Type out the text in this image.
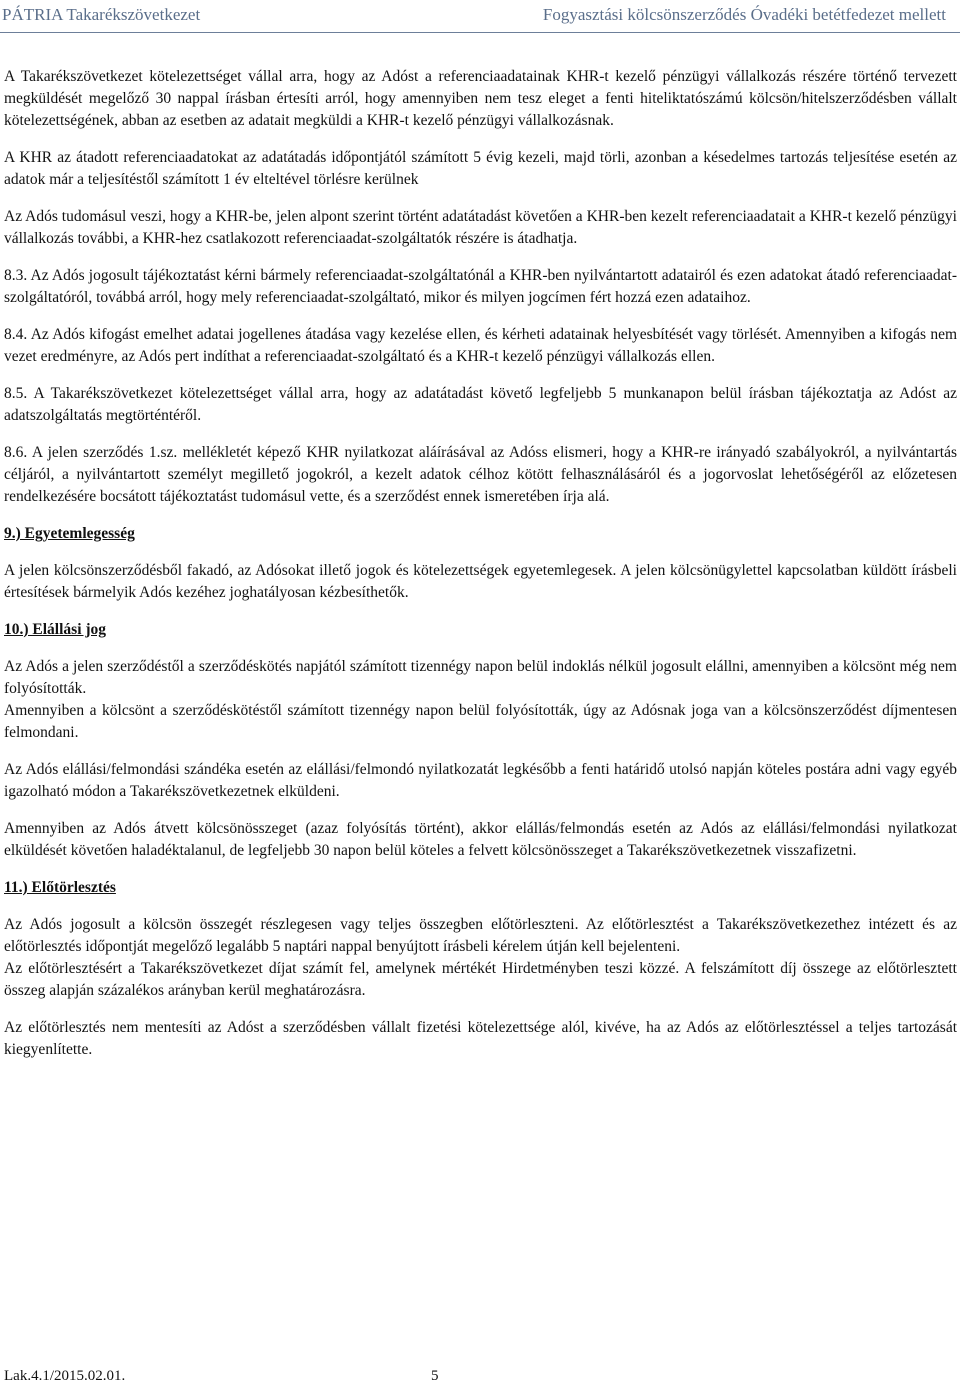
PÁTRIA Takarékszövetkezet	Fogyasztási kölcsönszerződés Óvadéki betétfedezet mellett

A Takarékszövetkezet kötelezettséget vállal arra, hogy az Adóst a referenciaadatainak KHR-t kezelő pénzügyi vállalkozás részére történő tervezett megküldését megelőző 30 nappal írásban értesíti arról, hogy amennyiben nem tesz eleget a fenti hiteliktatószámú kölcsön/hitelszerződésben vállalt kötelezettségének, abban az esetben az adatait megküldi a KHR-t kezelő pénzügyi vállalkozásnak.

A KHR az átadott referenciaadatokat az adatátadás időpontjától számított 5 évig kezeli, majd törli, azonban a késedelmes tartozás teljesítése esetén az adatok már a teljesítéstől számított 1 év elteltével törlésre kerülnek

Az Adós tudomásul veszi, hogy a KHR-be, jelen alpont szerint történt adatátadást követően a KHR-ben kezelt referenciaadatait a KHR-t kezelő pénzügyi vállalkozás további, a KHR-hez csatlakozott referenciaadat-szolgáltatók részére is átadhatja.

8.3. Az Adós jogosult tájékoztatást kérni bármely referenciaadat-szolgáltatónál a KHR-ben nyilvántartott adatairól és ezen adatokat átadó referenciaadat-szolgáltatóról, továbbá arról, hogy mely referenciaadat-szolgáltató, mikor és milyen jogcímen fért hozzá ezen adataihoz.

8.4. Az Adós kifogást emelhet adatai jogellenes átadása vagy kezelése ellen, és kérheti adatainak helyesbítését vagy törlését. Amennyiben a kifogás nem vezet eredményre, az Adós pert indíthat a referenciaadat-szolgáltató és a KHR-t kezelő pénzügyi vállalkozás ellen.

8.5. A Takarékszövetkezet kötelezettséget vállal arra, hogy az adatátadást követő legfeljebb 5 munkanapon belül írásban tájékoztatja az Adóst az adatszolgáltatás megtörténtéről.

8.6. A jelen szerződés 1.sz. mellékletét képező KHR nyilatkozat aláírásával az Adóss elismeri, hogy a KHR-re irányadó szabályokról, a nyilvántartás céljáról, a nyilvántartott személyt megillető jogokról, a kezelt adatok célhoz kötött felhasználásáról és a jogorvoslat lehetőségéről az előzetesen rendelkezésére bocsátott tájékoztatást tudomásul vette, és a szerződést ennek ismeretében írja alá.

9.) Egyetemlegesség

A jelen kölcsönszerződésből fakadó, az Adósokat illető jogok és kötelezettségek egyetemlegesek. A jelen kölcsönügylettel kapcsolatban küldött írásbeli értesítések bármelyik Adós kezéhez joghatályosan kézbesíthetők.

10.) Elállási jog

Az Adós a jelen szerződéstől a szerződéskötés napjától számított tizennégy napon belül indoklás nélkül jogosult elállni, amennyiben a kölcsönt még nem folyósították.

Amennyiben a kölcsönt a szerződéskötéstől számított tizennégy napon belül folyósították, úgy az Adósnak joga van a kölcsönszerződést díjmentesen felmondani.

Az Adós elállási/felmondási szándéka esetén az elállási/felmondó nyilatkozatát legkésőbb a fenti határidő utolsó napján köteles postára adni vagy egyéb igazolható módon a Takarékszövetkezetnek elküldeni.

Amennyiben az Adós átvett kölcsönösszeget (azaz folyósítás történt), akkor elállás/felmondás esetén az Adós az elállási/felmondási nyilatkozat elküldését követően haladéktalanul, de legfeljebb 30 napon belül köteles a felvett kölcsönösszeget a Takarékszövetkezetnek visszafizetni.

11.) Előtörlesztés

Az Adós jogosult a kölcsön összegét részlegesen vagy teljes összegben előtörleszteni. Az előtörlesztést a Takarékszövetkezethez intézett és az előtörlesztés időpontját megelőző legalább 5 naptári nappal benyújtott írásbeli kérelem útján kell bejelenteni.

Az előtörlesztésért a Takarékszövetkezet díjat számít fel, amelynek mértékét Hirdetményben teszi közzé. A felszámított díj összege az előtörlesztett összeg alapján százalékos arányban kerül meghatározásra.

Az előtörlesztés nem mentesíti az Adóst a szerződésben vállalt fizetési kötelezettsége alól, kivéve, ha az Adós az előtörlesztéssel a teljes tartozását kiegyenlítette.

Lak.4.1/2015.02.01.	5
